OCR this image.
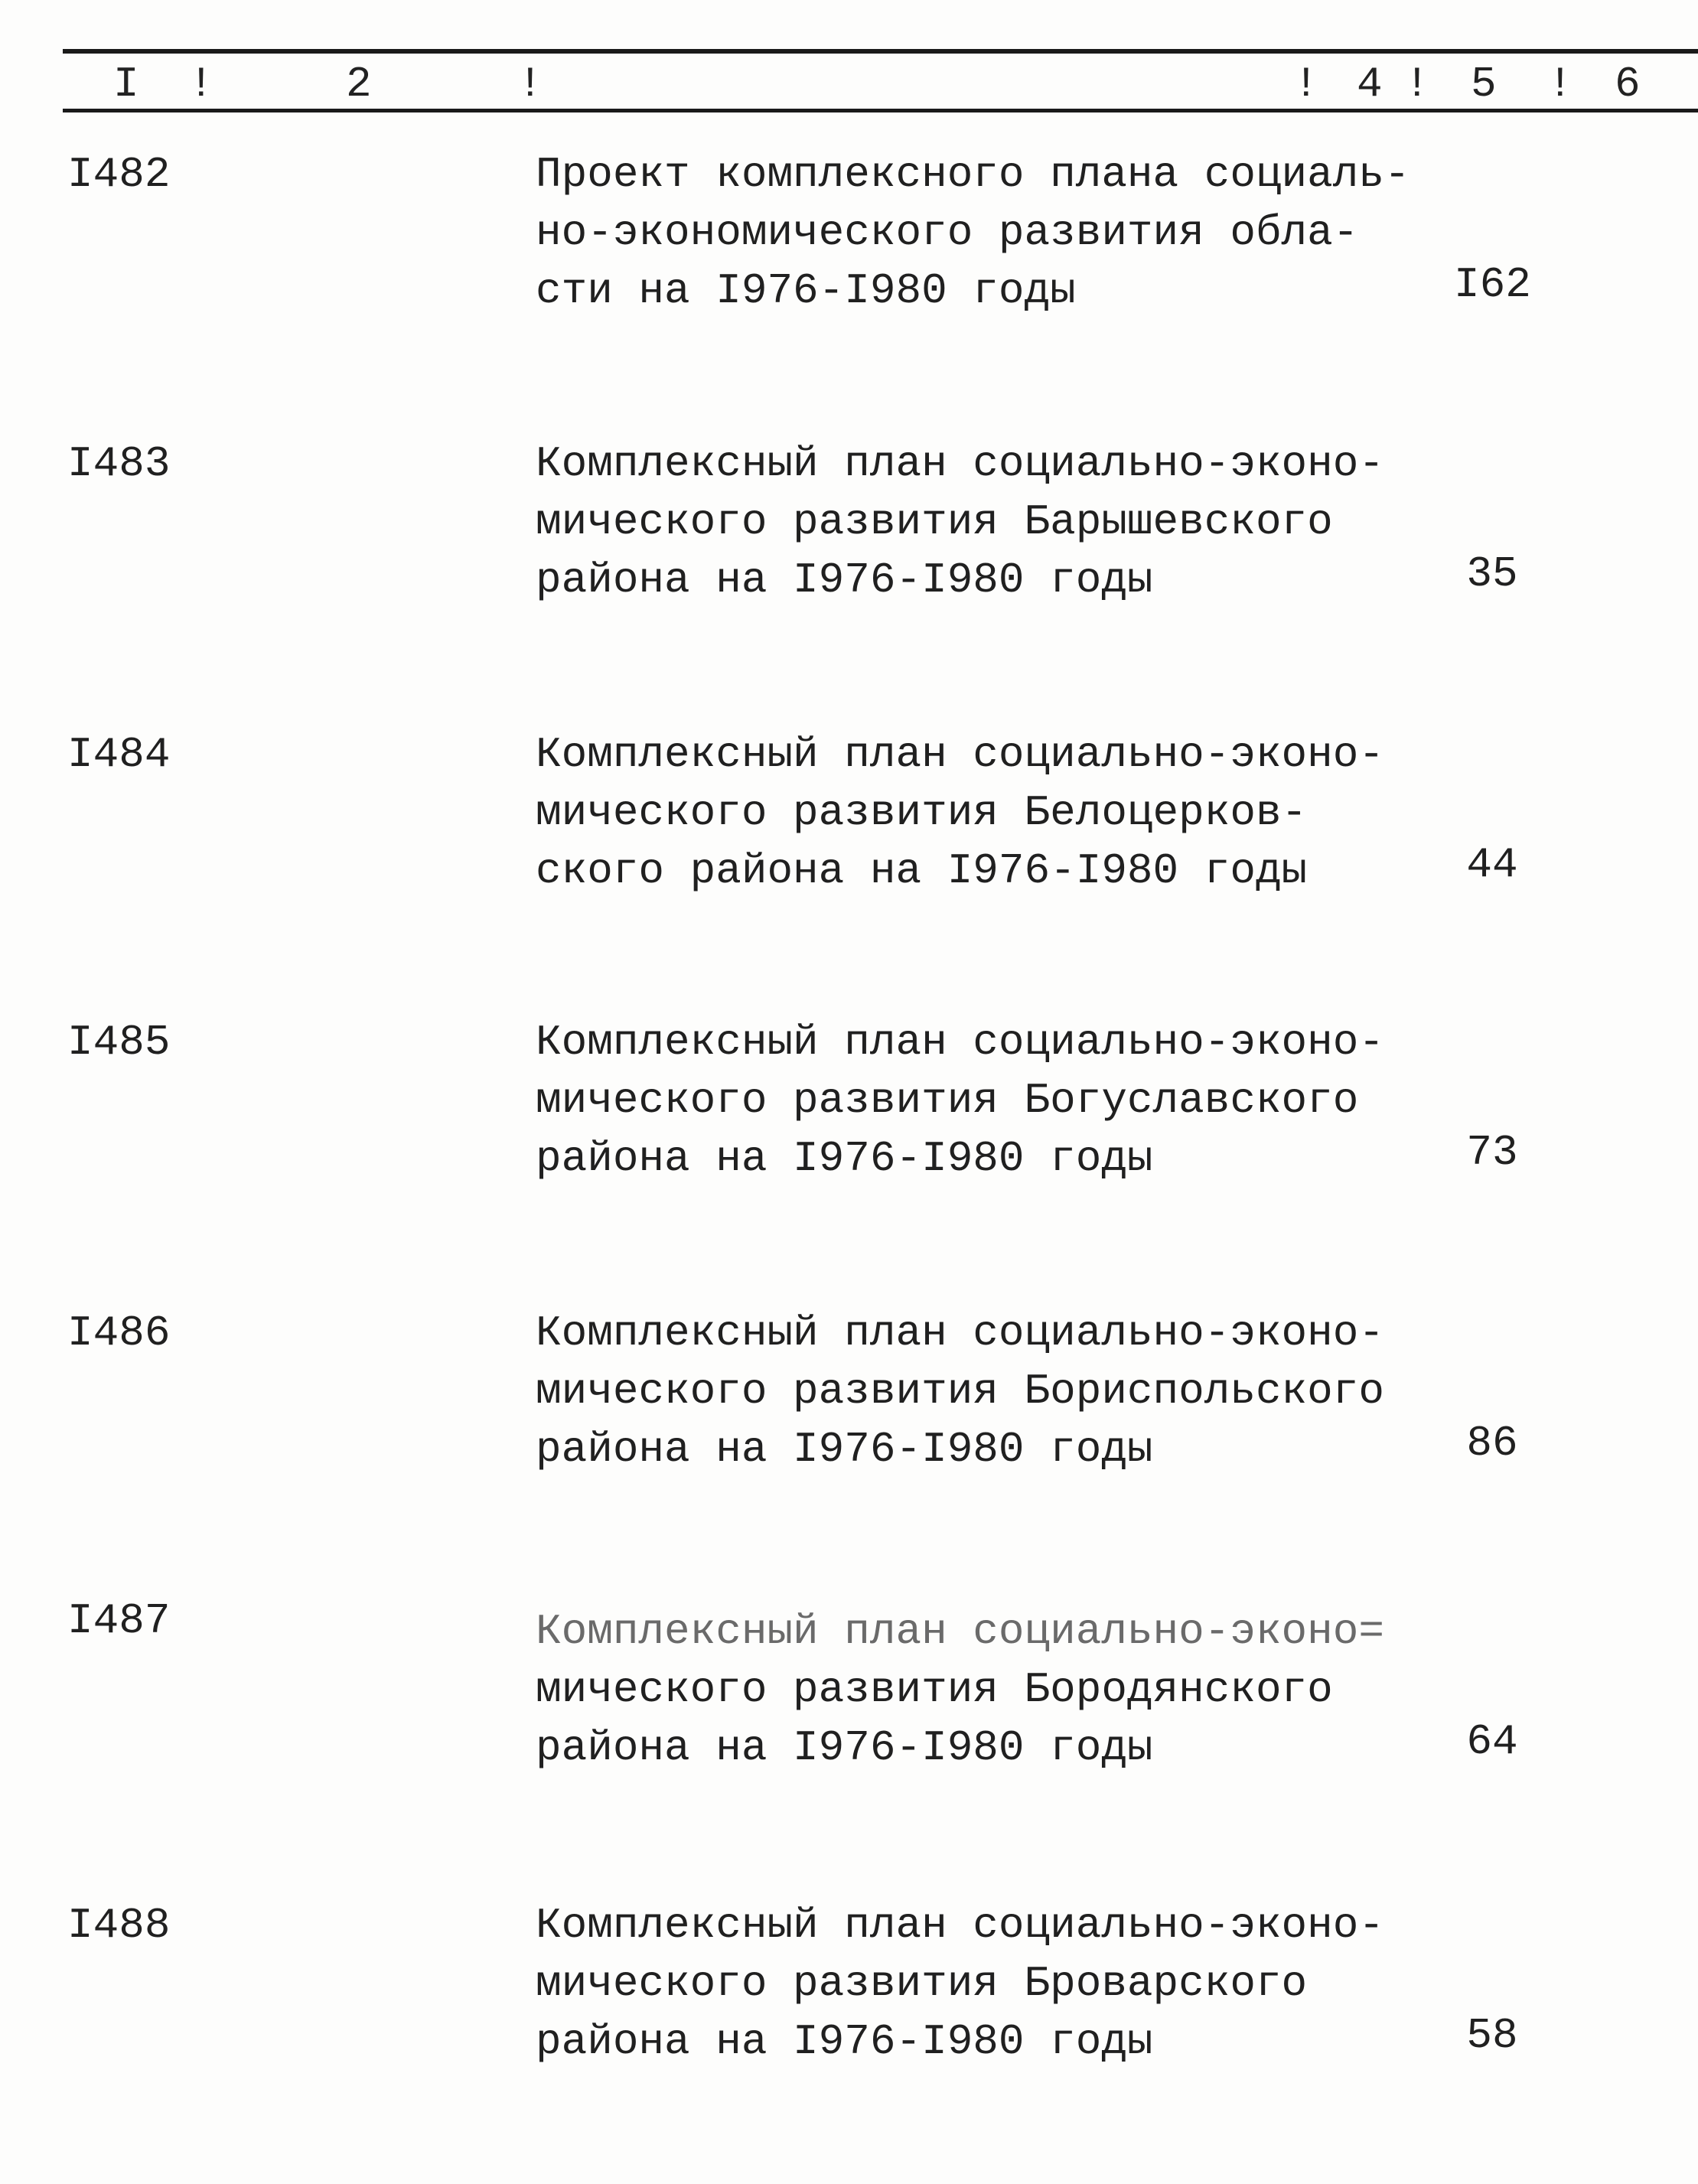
I !	2	!	! 4 ! 5 ! 6
I482	Проект комплексного плана социаль-
но-экономического развития обла-
сти на I976-I980 годы	I62
I483	Комплексный план социально-эконо-
мического развития Барышевского
района на I976-I980 годы	35
I484	Комплексный план социально-эконо-
мического развития Белоцерков-
ского района на I976-I980 годы	44
I485	Комплексный план социально-эконо-
мического развития Богуславского
района на I976-I980 годы	73
I486	Комплексный план социально-эконо-
мического развития Бориспольского
района на I976-I980 годы	86
I487	Комплексный план социально-эконо=
мического развития Бородянского
района на I976-I980 годы	64
I488	Комплексный план социально-эконо-
мического развития Броварского
района на I976-I980 годы	58
